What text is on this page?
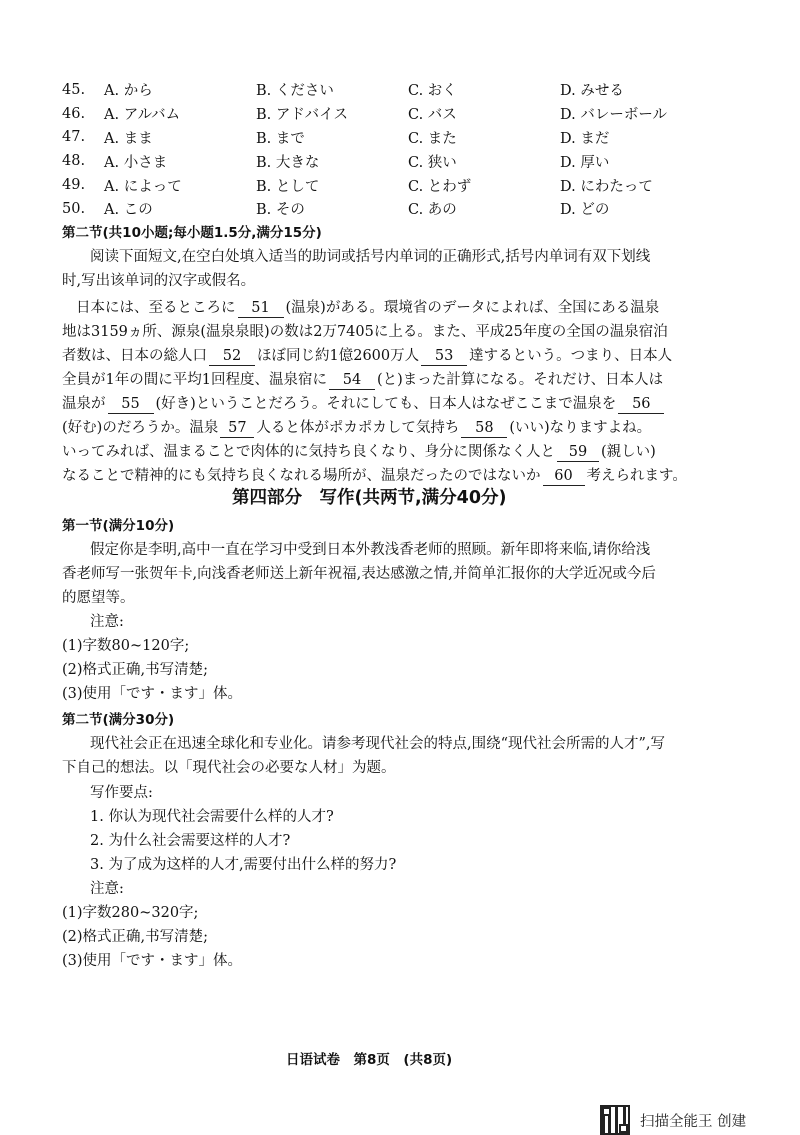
45.	A. から	B. ください	C. おく	D. みせる
46.	A. アルバム	B. アドバイス	C. バス	D. バレーボール
47.	A. まま	B. まで	C. また	D. まだ
48.	A. 小さま	B. 大きな	C. 狭い	D. 厚い
49.	A. によって	B. として	C. とわず	D. にわたって
50.	A. この	B. その	C. あの	D. どの
第二节(共10小题;每小题1.5分,满分15分)
阅读下面短文,在空白处填入适当的助词或括号内单词的正确形式,括号内单词有双下划线
时,写出该单词的汉字或假名。
日本には、至るところに 51 (温泉)がある。環境省のデータによれば、全国にある温泉
地は3159ヵ所、源泉(温泉泉眼)の数は2万7405に上る。また、平成25年度の全国の温泉宿泊
者数は、日本の総人口 52 ほぼ同じ約1億2600万人 53 達するという。つまり、日本人
全員が1年の間に平均1回程度、温泉宿に 54 (と)まった計算になる。それだけ、日本人は
温泉が 55 (好き)ということだろう。それにしても、日本人はなぜここまで温泉を 56
(好む)のだろうか。温泉 57 人ると体がポカポカして気持ち 58 (いい)なりますよね。
いってみれば、温まることで肉体的に気持ち良くなり、身分に関係なく人と 59 (親しい)
なることで精神的にも気持ち良くなれる場所が、温泉だったのではないか 60 考えられます。
第四部分　写作(共两节,满分40分)
第一节(满分10分)
假定你是李明,高中一直在学习中受到日本外教浅香老师的照顾。新年即将来临,请你给浅
香老师写一张贺年卡,向浅香老师送上新年祝福,表达感激之情,并简单汇报你的大学近况或今后
的愿望等。
注意:
(1)字数80~120字;
(2)格式正确,书写清楚;
(3)使用「です・ます」体。
第二节(满分30分)
现代社会正在迅速全球化和专业化。请参考现代社会的特点,围绕“现代社会所需的人才”,写
下自己的想法。以「現代社会の必要な人材」为题。
写作要点:
1. 你认为现代社会需要什么样的人才?
2. 为什么社会需要这样的人才?
3. 为了成为这样的人才,需要付出什么样的努力?
注意:
(1)字数280~320字;
(2)格式正确,书写清楚;
(3)使用「です・ます」体。
日语试卷　第8页　(共8页)
扫描全能王 创建
